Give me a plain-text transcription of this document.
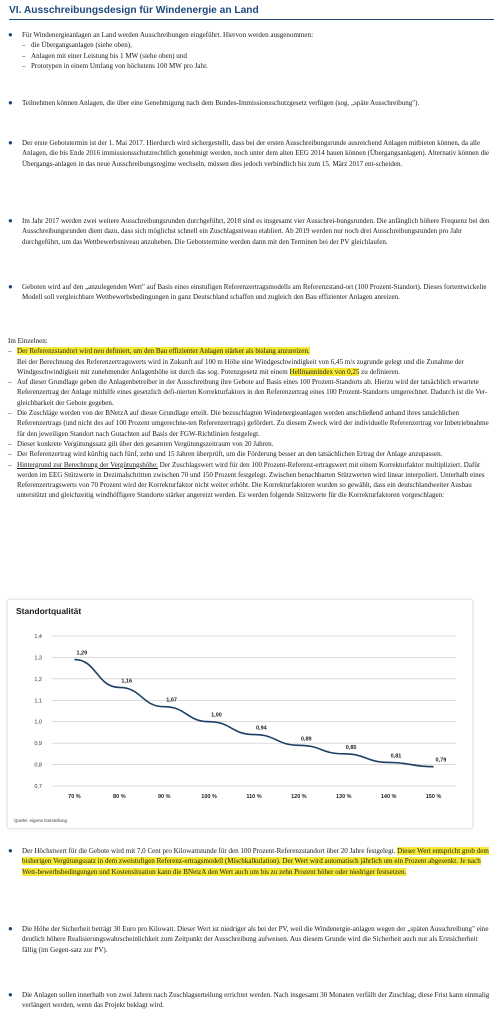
VI. Ausschreibungsdesign für Windenergie an Land
●	Für Windenergieanlagen an Land werden Ausschreibungen eingeführt. Hiervon werden ausgenommen:
– die Übergangsanlagen (siehe oben),
– Anlagen mit einer Leistung bis 1 MW (siehe oben) und
– Prototypen in einem Umfang von höchstens 100 MW pro Jahr.
●	Teilnehmen können Anlagen, die über eine Genehmigung nach dem Bundes-Immissionsschutzgesetz verfügen (sog. „späte Ausschreibung").
●	Der erste Gebotstermin ist der 1. Mai 2017. Hierdurch wird sichergestellt, dass bei der ersten Ausschreibungsrunde ausreichend Anlagen mitbieten können, da alle Anlagen, die bis Ende 2016 immissionsschutzrechtlich genehmigt werden, noch unter dem alten EEG 2014 bauen können (Übergangsanlagen). Alternativ können die Übergangs-anlagen in das neue Ausschreibungsregime wechseln, müssen dies jedoch verbindlich bis zum 15. März 2017 ent-scheiden.
●	Im Jahr 2017 werden zwei weitere Ausschreibungsrunden durchgeführt, 2018 sind es insgesamt vier Ausschrei-bungsrunden. Die anfänglich höhere Frequenz bei den Ausschreibungsrunden dient dazu, dass sich möglichst schnell ein Zuschlagsniveau etabliert. Ab 2019 werden nur noch drei Ausschreibungsrunden pro Jahr durchgeführt, um das Wettbewerbsniveau anzuheben. Die Gebotstermine werden dann mit den Terminen bei der PV gleichlaufen.
●	Geboten wird auf den „anzulegenden Wert" auf Basis eines einstufigen Referenzertragsmodells am Referenzstand-ort (100 Prozent-Standort). Dieses fortentwickelte Modell soll vergleichbare Wettbewerbsbedingungen in ganz Deutschland schaffen und zugleich den Bau effizienter Anlagen anreizen.
Im Einzelnen:
– Der Referenzstandort wird neu definiert, um den Bau effizienter Anlagen stärker als bislang anzureizen.
Bei der Berechnung des Referenzertragswerts wird in Zukunft auf 100 m Höhe eine Windgeschwindigkeit von 6,45 m/s zugrunde gelegt und die Zunahme der Windgeschwindigkeit mit zunehmender Anlagenhöhe ist durch das sog. Potenzgesetz mit einem Hellmannindex von 0,25 zu definieren.
– Auf dieser Grundlage geben die Anlagenbetreiber in der Ausschreibung ihre Gebote auf Basis eines 100 Prozent-Standorts ab. Hierzu wird der tatsächlich erwartete Referenzertrag der Anlage mithilfe eines gesetzlich defi-nierten Korrekturfaktors in den Referenzertrag eines 100 Prozent-Standorts umgerechnet. Dadurch ist die Ver-gleichbarkeit der Gebote gegeben.
– Die Zuschläge werden von der BNetzA auf dieser Grundlage erteilt. Die bezuschlagten Windenergieanlagen werden anschließend anhand ihres tatsächlichen Referenzertrags (und nicht des auf 100 Prozent umgerechne-ten Referenzertrags) gefördert. Zu diesem Zweck wird der individuelle Referenzertrag vor Inbetriebnahme für den jeweiligen Standort nach Gutachten auf Basis der FGW-Richtlinien festgelegt.
– Dieser konkrete Vergütungssatz gilt über den gesamten Vergütungszeitraum von 20 Jahren.
– Der Referenzertrag wird künftig nach fünf, zehn und 15 Jahren überprüft, um die Förderung besser an den tatsächlichen Ertrag der Anlage anzupassen.
– Hintergrund zur Berechnung der Vergütungshöhe: Der Zuschlagswert wird für den 100 Prozent-Referenz-ertragswert mit einem Korrekturfaktor multipliziert. Dafür werden im EEG Stützwerte in Dezimalschritten zwischen 70 und 150 Prozent festgelegt. Zwischen benachbarten Stützwerten wird linear interpoliert. Unterhalb eines Referenzertragswerts von 70 Prozent wird der Korrekturfaktor nicht weiter erhöht. Die Korrekturfaktoren wurden so gewählt, dass ein deutschlandweiter Ausbau unterstützt und gleichzeitig windhöffigere Standorte stärker angereizt werden. Es werden folgende Stützwerte für die Korrekturfaktoren vorgeschlagen:
Standortqualität
0,7
0,8
0,9
1,0
1,1
1,2
1,3
1,4
70 %	80 %	90 %	100 %	110 %	120 %	130 %	140 %	150 %
1,29
1,16
1,07
1,00
0,94
0,89
0,85
0,81
0,79
Quelle: eigene Darstellung
●	Der Höchstwert für die Gebote wird mit 7,0 Cent pro Kilowattstunde für den 100 Prozent-Referenzstandort über 20 Jahre festgelegt. Dieser Wert entspricht grob dem bisherigen Vergütungssatz in dem zweistufigen Referenz-ertragsmodell (Mischkalkulation). Der Wert wird automatisch jährlich um ein Prozent abgesenkt. Je nach Wett-bewerbsbedingungen und Kostensituation kann die BNetzA den Wert auch um bis zu zehn Prozent höher oder niedriger festsetzen.
●	Die Höhe der Sicherheit beträgt 30 Euro pro Kilowatt. Dieser Wert ist niedriger als bei der PV, weil die Windenergie-anlagen wegen der „späten Ausschreibung" eine deutlich höhere Realisierungswahrscheinlichkeit zum Zeitpunkt der Ausschreibung aufweisen. Aus diesem Grunde wird die Sicherheit auch nur als Erstsicherheit fällig (im Gegen-satz zur PV).
●	Die Anlagen sollen innerhalb von zwei Jahren nach Zuschlagserteilung errichtet werden. Nach insgesamt 30 Monaten verfällt der Zuschlag; diese Frist kann einmalig verlängert werden, wenn das Projekt beklagt wird.
